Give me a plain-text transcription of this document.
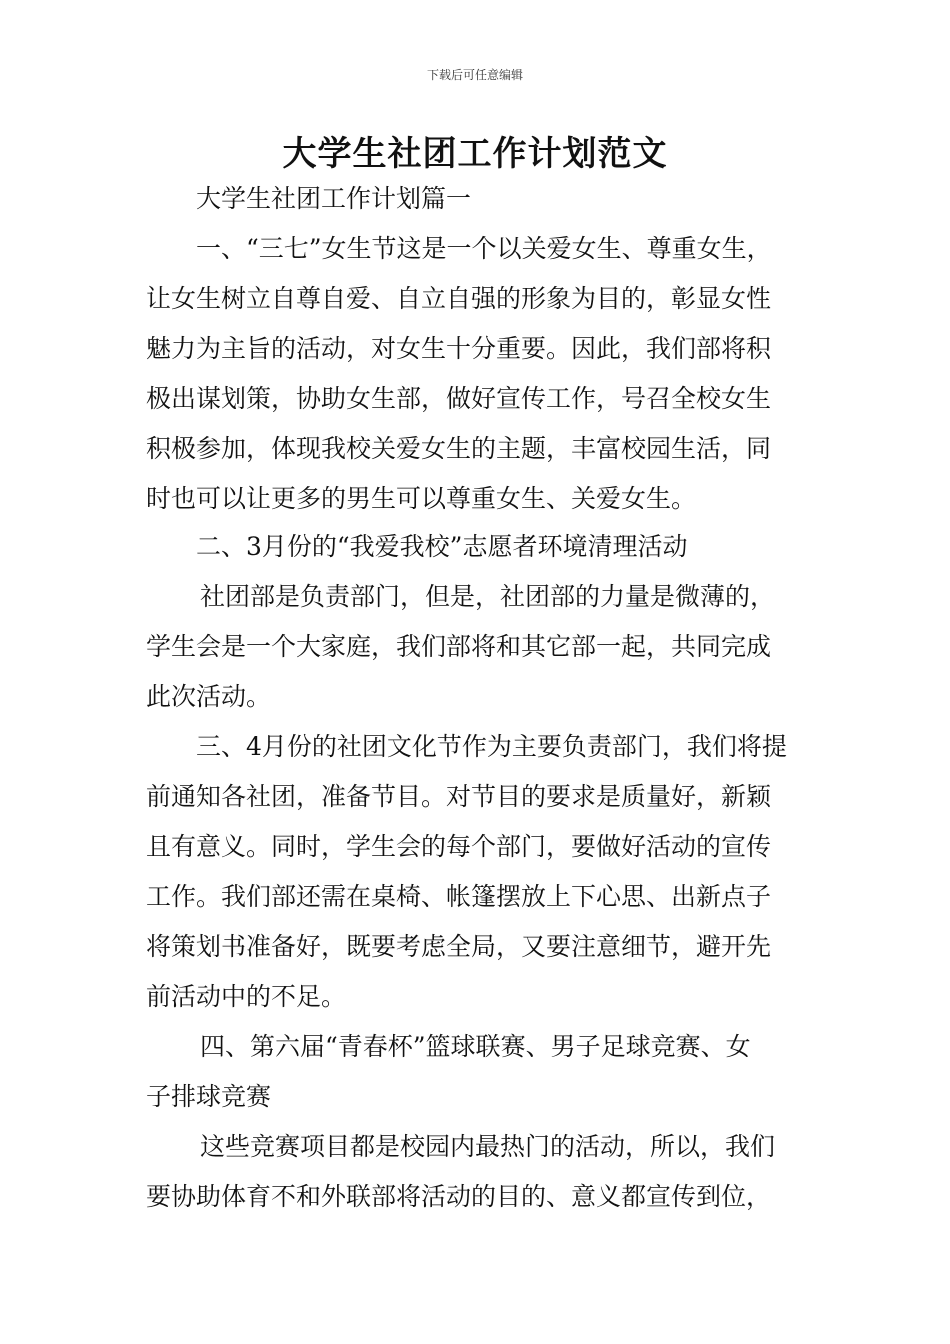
下载后可任意编辑
大学生社团工作计划范文
大学生社团工作计划篇一
一、“三七”女生节这是一个以关爱女生、尊重女生，
让女生树立自尊自爱、自立自强的形象为目的，彰显女性
魅力为主旨的活动，对女生十分重要。因此，我们部将积
极出谋划策，协助女生部，做好宣传工作，号召全校女生
积极参加，体现我校关爱女生的主题，丰富校园生活，同
时也可以让更多的男生可以尊重女生、关爱女生。
二、3月份的“我爱我校”志愿者环境清理活动
社团部是负责部门，但是，社团部的力量是微薄的，
学生会是一个大家庭，我们部将和其它部一起，共同完成
此次活动。
三、4月份的社团文化节作为主要负责部门，我们将提
前通知各社团，准备节目。对节目的要求是质量好，新颖
且有意义。同时，学生会的每个部门，要做好活动的宣传
工作。我们部还需在桌椅、帐篷摆放上下心思、出新点子
将策划书准备好，既要考虑全局，又要注意细节，避开先
前活动中的不足。
四、第六届“青春杯”篮球联赛、男子足球竞赛、女
子排球竞赛
这些竞赛项目都是校园内最热门的活动，所以，我们
要协助体育不和外联部将活动的目的、意义都宣传到位，
